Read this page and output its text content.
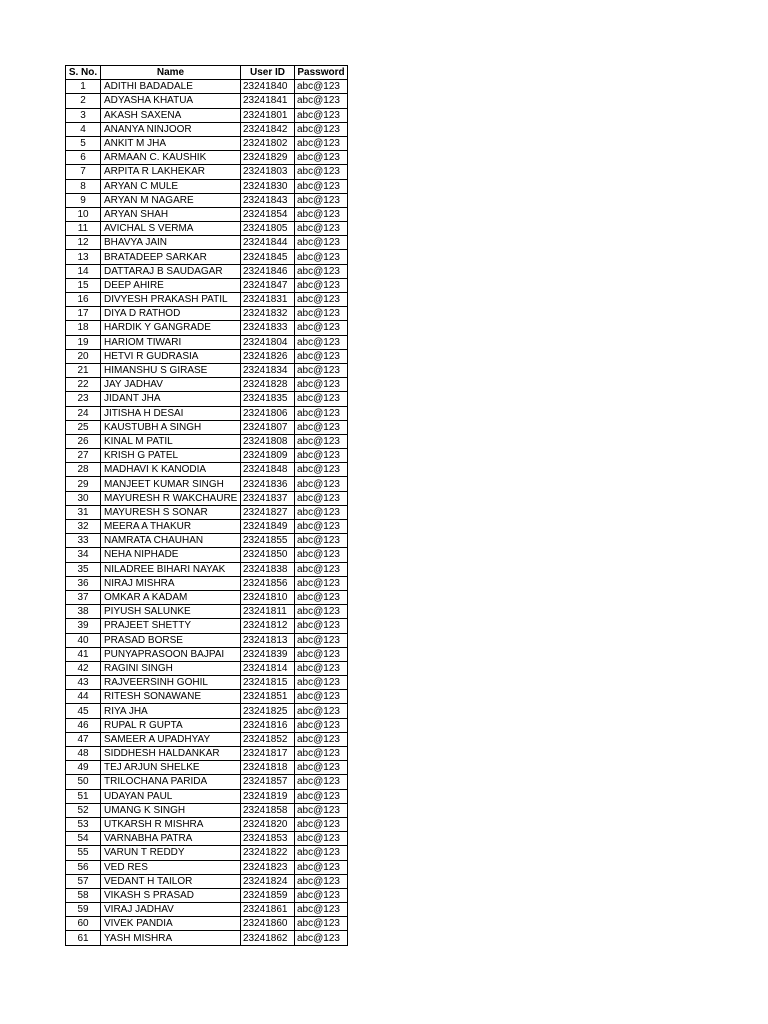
S. No.	Name	User ID	Password
1	ADITHI BADADALE	23241840	abc@123
2	ADYASHA KHATUA	23241841	abc@123
3	AKASH SAXENA	23241801	abc@123
4	ANANYA NINJOOR	23241842	abc@123
5	ANKIT M JHA	23241802	abc@123
6	ARMAAN C. KAUSHIK	23241829	abc@123
7	ARPITA R LAKHEKAR	23241803	abc@123
8	ARYAN C MULE	23241830	abc@123
9	ARYAN M NAGARE	23241843	abc@123
10	ARYAN SHAH	23241854	abc@123
11	AVICHAL S VERMA	23241805	abc@123
12	BHAVYA JAIN	23241844	abc@123
13	BRATADEEP SARKAR	23241845	abc@123
14	DATTARAJ B SAUDAGAR	23241846	abc@123
15	DEEP AHIRE	23241847	abc@123
16	DIVYESH PRAKASH PATIL	23241831	abc@123
17	DIYA D RATHOD	23241832	abc@123
18	HARDIK Y GANGRADE	23241833	abc@123
19	HARIOM TIWARI	23241804	abc@123
20	HETVI R GUDRASIA	23241826	abc@123
21	HIMANSHU S GIRASE	23241834	abc@123
22	JAY JADHAV	23241828	abc@123
23	JIDANT JHA	23241835	abc@123
24	JITISHA H DESAI	23241806	abc@123
25	KAUSTUBH A SINGH	23241807	abc@123
26	KINAL M PATIL	23241808	abc@123
27	KRISH G PATEL	23241809	abc@123
28	MADHAVI K KANODIA	23241848	abc@123
29	MANJEET KUMAR SINGH	23241836	abc@123
30	MAYURESH R WAKCHAURE	23241837	abc@123
31	MAYURESH S SONAR	23241827	abc@123
32	MEERA A THAKUR	23241849	abc@123
33	NAMRATA CHAUHAN	23241855	abc@123
34	NEHA NIPHADE	23241850	abc@123
35	NILADREE BIHARI NAYAK	23241838	abc@123
36	NIRAJ MISHRA	23241856	abc@123
37	OMKAR A KADAM	23241810	abc@123
38	PIYUSH SALUNKE	23241811	abc@123
39	PRAJEET SHETTY	23241812	abc@123
40	PRASAD BORSE	23241813	abc@123
41	PUNYAPRASOON BAJPAI	23241839	abc@123
42	RAGINI SINGH	23241814	abc@123
43	RAJVEERSINH GOHIL	23241815	abc@123
44	RITESH SONAWANE	23241851	abc@123
45	RIYA JHA	23241825	abc@123
46	RUPAL R GUPTA	23241816	abc@123
47	SAMEER A UPADHYAY	23241852	abc@123
48	SIDDHESH HALDANKAR	23241817	abc@123
49	TEJ ARJUN SHELKE	23241818	abc@123
50	TRILOCHANA PARIDA	23241857	abc@123
51	UDAYAN PAUL	23241819	abc@123
52	UMANG K SINGH	23241858	abc@123
53	UTKARSH R MISHRA	23241820	abc@123
54	VARNABHA PATRA	23241853	abc@123
55	VARUN T REDDY	23241822	abc@123
56	VED RES	23241823	abc@123
57	VEDANT H TAILOR	23241824	abc@123
58	VIKASH S PRASAD	23241859	abc@123
59	VIRAJ JADHAV	23241861	abc@123
60	VIVEK PANDIA	23241860	abc@123
61	YASH MISHRA	23241862	abc@123
